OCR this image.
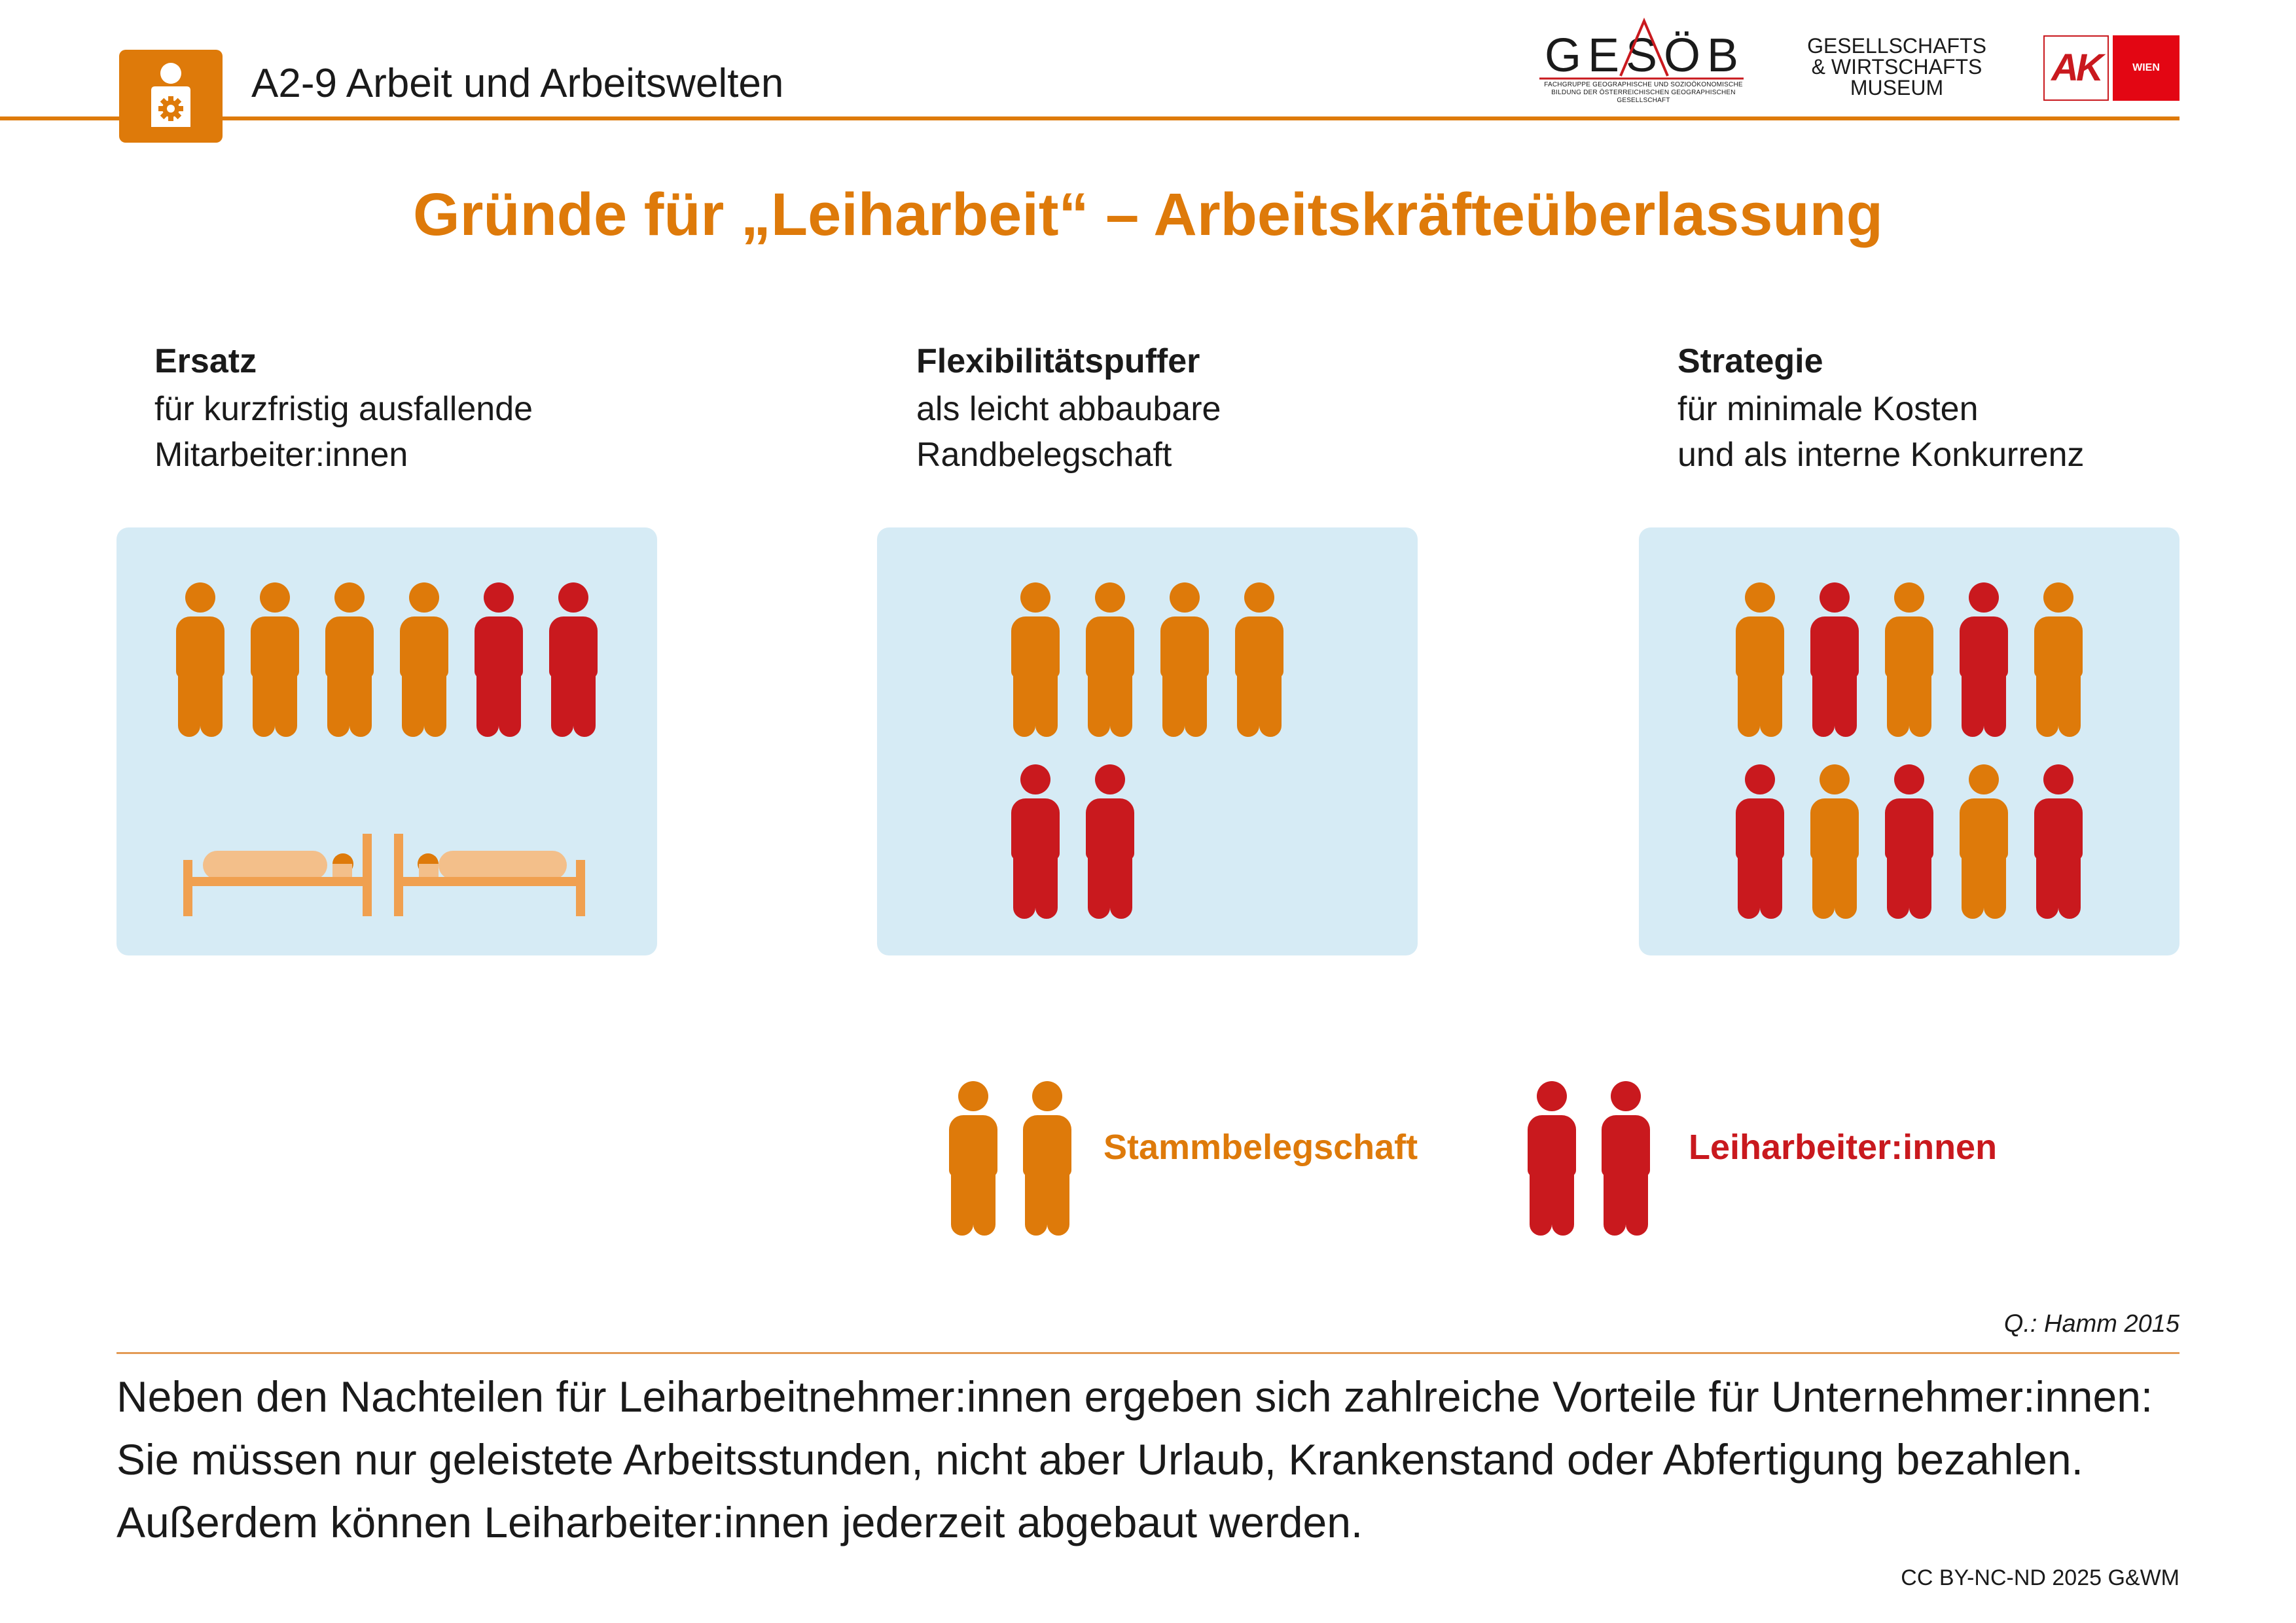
A2-9 Arbeit und Arbeitswelten
GESÖB
FACHGRUPPE GEOGRAPHISCHE UND SOZIOÖKONOMISCHE BILDUNG DER ÖSTERREICHISCHEN GEOGRAPHISCHEN GESELLSCHAFT
GESELLSCHAFTS
& WIRTSCHAFTS
MUSEUM	AK	WIEN
Gründe für „Leiharbeit“ – Arbeitskräfteüberlassung
Ersatz
für kurzfristig ausfallende
Mitarbeiter:innen
Flexibilitätspuffer
als leicht abbaubare
Randbelegschaft
Strategie
für minimale Kosten
und als interne Konkurrenz
Stammbelegschaft	Leiharbeiter:innen
Q.: Hamm 2015
Neben den Nachteilen für Leiharbeitnehmer:innen ergeben sich zahlreiche Vorteile für Unternehmer:innen: Sie müssen nur geleistete Arbeitsstunden, nicht aber Urlaub, Krankenstand oder Abfertigung bezahlen. Außerdem können Leiharbeiter:innen jederzeit abgebaut werden.
CC BY-NC-ND 2025 G&WM
